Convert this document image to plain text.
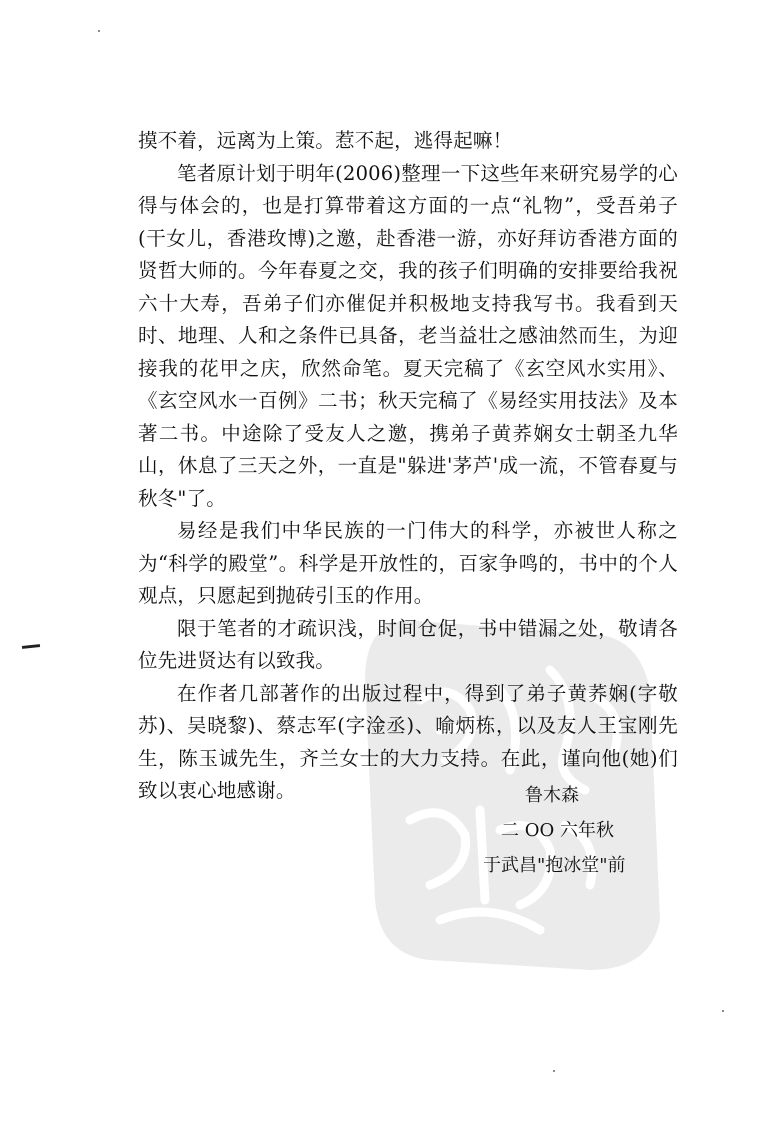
摸不着，远离为上策。惹不起，逃得起嘛！

笔者原计划于明年(2006)整理一下这些年来研究易学的心得与体会的，也是打算带着这方面的一点“礼物”，受吾弟子(干女儿，香港玫博)之邀，赴香港一游，亦好拜访香港方面的贤哲大师的。今年春夏之交，我的孩子们明确的安排要给我祝六十大寿，吾弟子们亦催促并积极地支持我写书。我看到天时、地理、人和之条件已具备，老当益壮之感油然而生，为迎接我的花甲之庆，欣然命笔。夏天完稿了《玄空风水实用》、《玄空风水一百例》二书；秋天完稿了《易经实用技法》及本著二书。中途除了受友人之邀，携弟子黄荞娴女士朝圣九华山，休息了三天之外，一直是"躲进'茅芦'成一流，不管春夏与秋冬"了。

易经是我们中华民族的一门伟大的科学，亦被世人称之为“科学的殿堂”。科学是开放性的，百家争鸣的，书中的个人观点，只愿起到抛砖引玉的作用。

限于笔者的才疏识浅，时间仓促，书中错漏之处，敬请各位先进贤达有以致我。

在作者几部著作的出版过程中，得到了弟子黄荞娴(字敬苏)、吴晓黎)、蔡志军(字淦丞)、喻炳栋，以及友人王宝刚先生，陈玉诚先生，齐兰女士的大力支持。在此，谨向他(她)们致以衷心地感谢。	鲁木森
二 OO 六年秋
于武昌"抱冰堂"前
